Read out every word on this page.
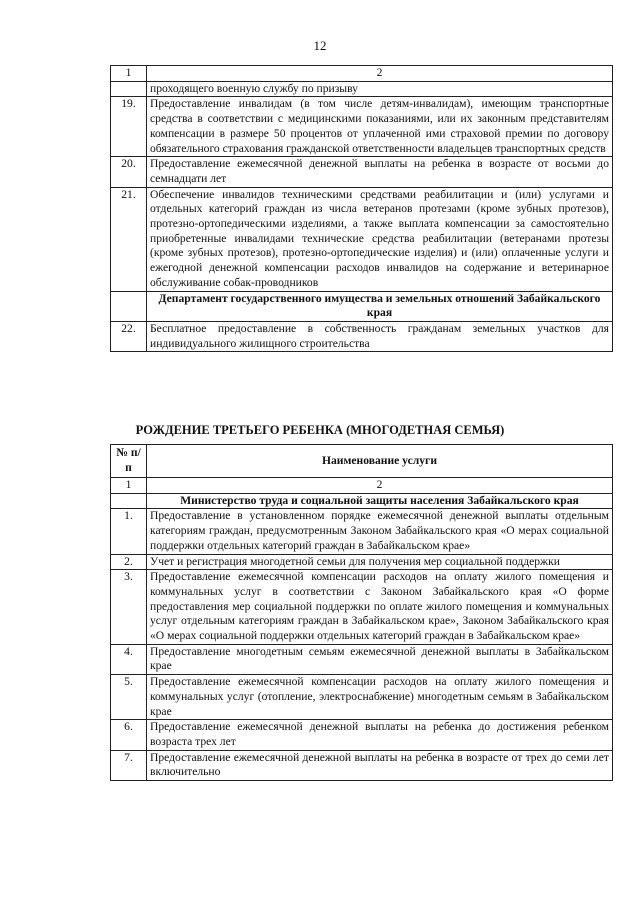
12
1	2
	проходящего военную службу по призыву
19.	Предоставление инвалидам (в том числе детям-инвалидам), имеющим транспортные средства в соответствии с медицинскими показаниями, или их законным представителям компенсации в размере 50 процентов от уплаченной ими страховой премии по договору обязательного страхования гражданской ответственности владельцев транспортных средств
20.	Предоставление ежемесячной денежной выплаты на ребенка в возрасте от восьми до семнадцати лет
21.	Обеспечение инвалидов техническими средствами реабилитации и (или) услугами и отдельных категорий граждан из числа ветеранов протезами (кроме зубных протезов), протезно-ортопедическими изделиями, а также выплата компенсации за самостоятельно приобретенные инвалидами технические средства реабилитации (ветеранами протезы (кроме зубных протезов), протезно-ортопедические изделия) и (или) оплаченные услуги и ежегодной денежной компенсации расходов инвалидов на содержание и ветеринарное обслуживание собак-проводников
	Департамент государственного имущества и земельных отношений Забайкальского края
22.	Бесплатное предоставление в собственность гражданам земельных участков для индивидуального жилищного строительства
РОЖДЕНИЕ ТРЕТЬЕГО РЕБЕНКА (МНОГОДЕТНАЯ СЕМЬЯ)
№ п/п	Наименование услуги
1	2
	Министерство труда и социальной защиты населения Забайкальского края
1.	Предоставление в установленном порядке ежемесячной денежной выплаты отдельным категориям граждан, предусмотренным Законом Забайкальского края «О мерах социальной поддержки отдельных категорий граждан в Забайкальском крае»
2.	Учет и регистрация многодетной семьи для получения мер социальной поддержки
3.	Предоставление ежемесячной компенсации расходов на оплату жилого помещения и коммунальных услуг в соответствии с Законом Забайкальского края «О форме предоставления мер социальной поддержки по оплате жилого помещения и коммунальных услуг отдельным категориям граждан в Забайкальском крае», Законом Забайкальского края «О мерах социальной поддержки отдельных категорий граждан в Забайкальском крае»
4.	Предоставление многодетным семьям ежемесячной денежной выплаты в Забайкальском крае
5.	Предоставление ежемесячной компенсации расходов на оплату жилого помещения и коммунальных услуг (отопление, электроснабжение) многодетным семьям в Забайкальском крае
6.	Предоставление ежемесячной денежной выплаты на ребенка до достижения ребенком возраста трех лет
7.	Предоставление ежемесячной денежной выплаты на ребенка в возрасте от трех до семи лет включительно
